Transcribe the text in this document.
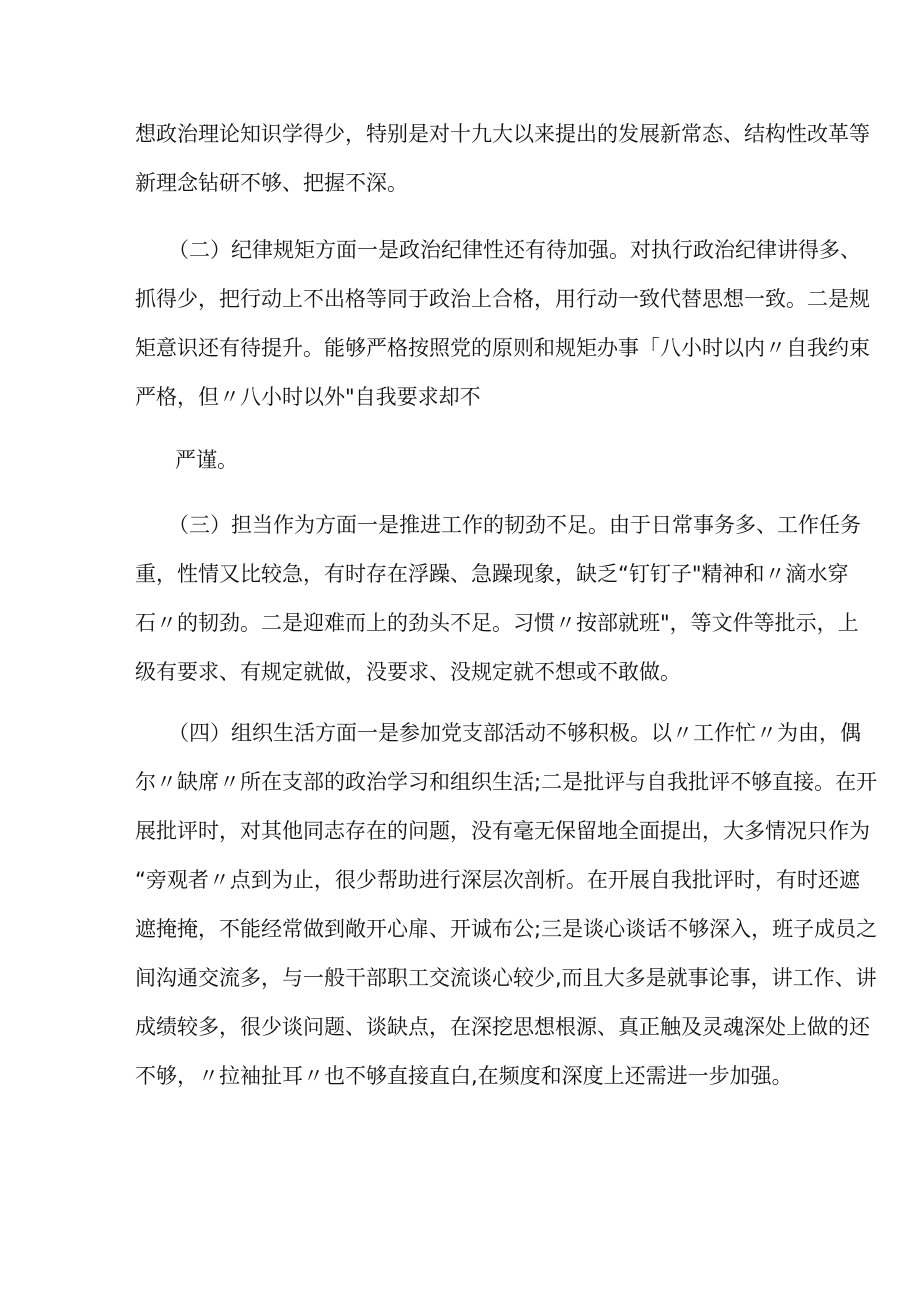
想政治理论知识学得少，特别是对十九大以来提出的发展新常态、结构性改革等
新理念钻研不够、把握不深。
（二）纪律规矩方面一是政治纪律性还有待加强。对执行政治纪律讲得多、
抓得少，把行动上不出格等同于政治上合格，用行动一致代替思想一致。二是规
矩意识还有待提升。能够严格按照党的原则和规矩办事「八小时以内〃自我约束
严格，但〃八小时以外"自我要求却不
严谨。
（三）担当作为方面一是推进工作的韧劲不足。由于日常事务多、工作任务
重，性情又比较急，有时存在浮躁、急躁现象，缺乏“钉钉子"精神和〃滴水穿
石〃的韧劲。二是迎难而上的劲头不足。习惯〃按部就班"，等文件等批示，上
级有要求、有规定就做，没要求、没规定就不想或不敢做。
（四）组织生活方面一是参加党支部活动不够积极。以〃工作忙〃为由，偶
尔〃缺席〃所在支部的政治学习和组织生活;二是批评与自我批评不够直接。在开
展批评时，对其他同志存在的问题，没有毫无保留地全面提出，大多情况只作为
“旁观者〃点到为止，很少帮助进行深层次剖析。在开展自我批评时，有时还遮
遮掩掩，不能经常做到敞开心扉、开诚布公;三是谈心谈话不够深入，班子成员之
间沟通交流多，与一般干部职工交流谈心较少,而且大多是就事论事，讲工作、讲
成绩较多，很少谈问题、谈缺点，在深挖思想根源、真正触及灵魂深处上做的还
不够，〃拉袖扯耳〃也不够直接直白,在频度和深度上还需进一步加强。
